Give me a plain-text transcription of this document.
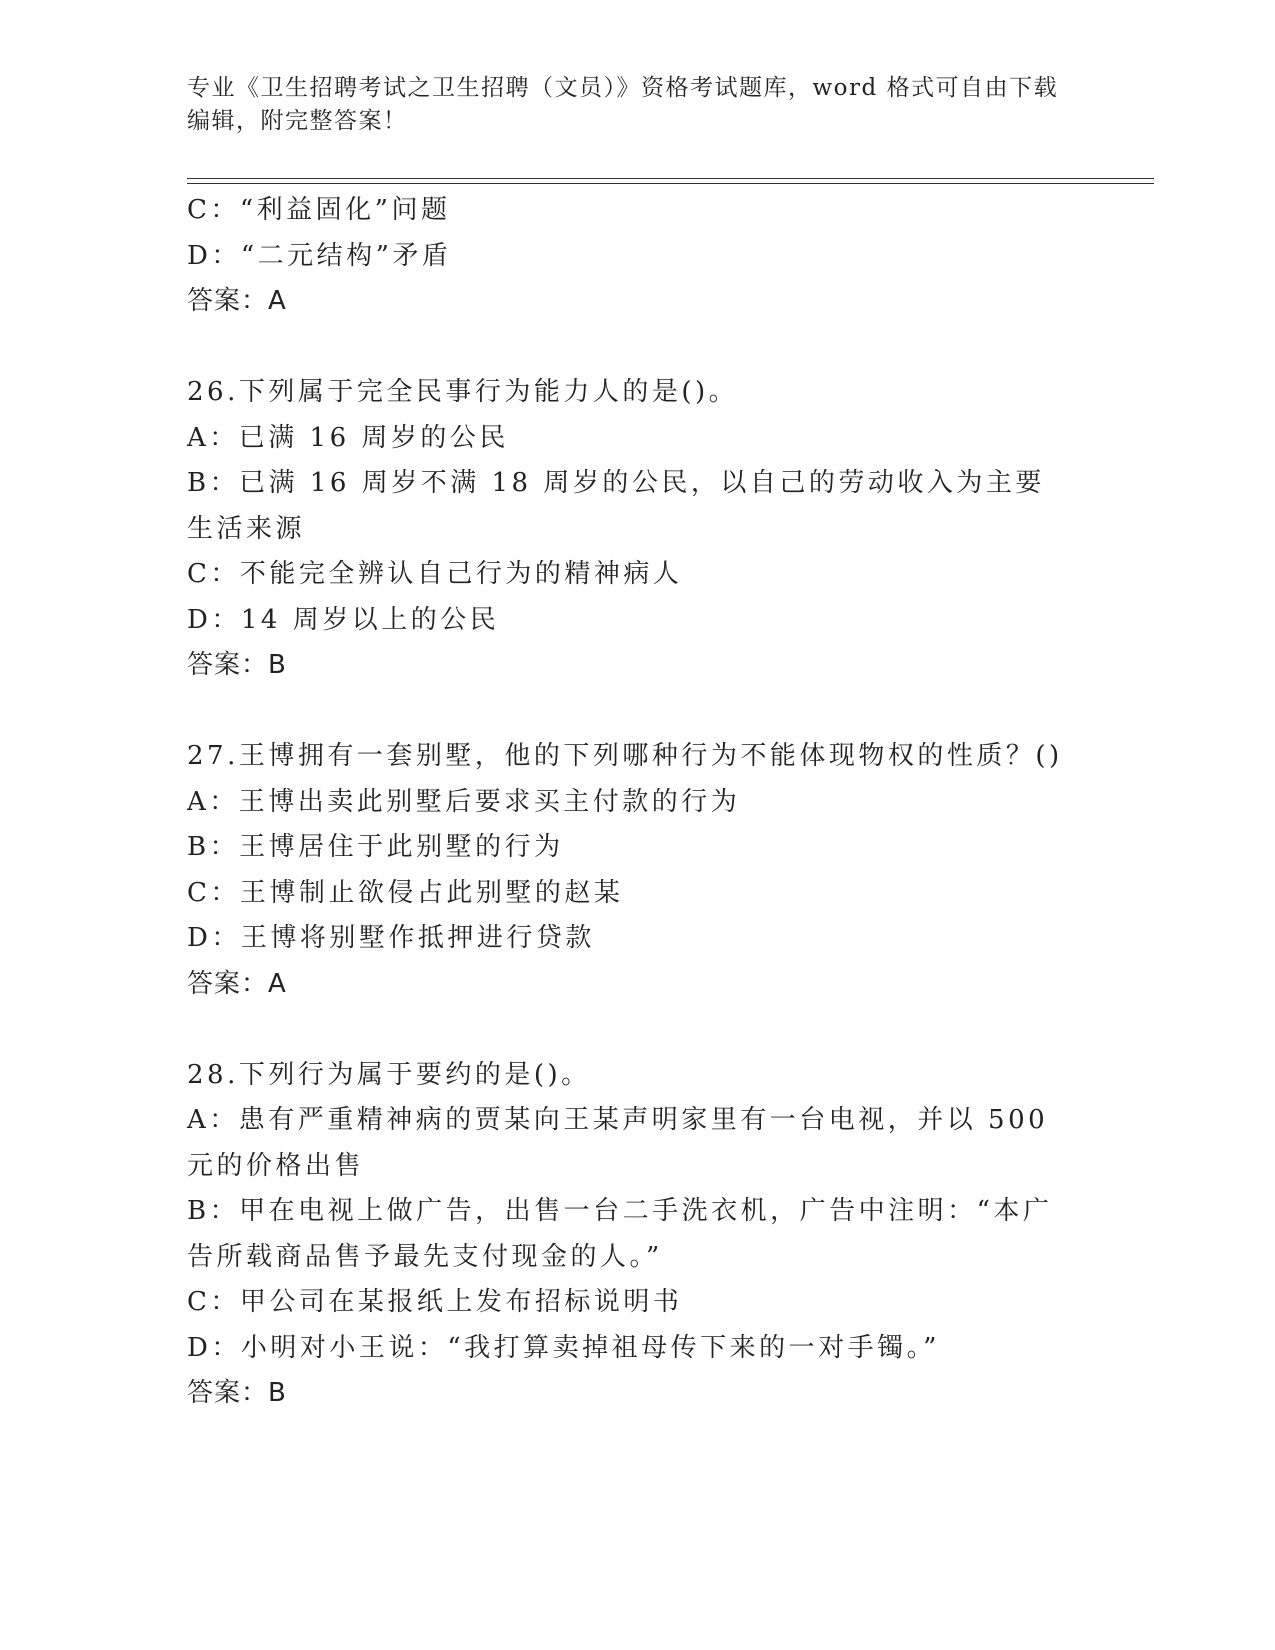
专业《卫生招聘考试之卫生招聘（文员）》资格考试题库，word 格式可自由下载编辑，附完整答案！
C：“利益固化”问题
D：“二元结构”矛盾
答案：A
26.下列属于完全民事行为能力人的是()。
A：已满 16 周岁的公民
B：已满 16 周岁不满 18 周岁的公民，以自己的劳动收入为主要生活来源
C：不能完全辨认自己行为的精神病人
D：14 周岁以上的公民
答案：B
27.王博拥有一套别墅，他的下列哪种行为不能体现物权的性质？()
A：王博出卖此别墅后要求买主付款的行为
B：王博居住于此别墅的行为
C：王博制止欲侵占此别墅的赵某
D：王博将别墅作抵押进行贷款
答案：A
28.下列行为属于要约的是()。
A：患有严重精神病的贾某向王某声明家里有一台电视，并以 500 元的价格出售
B：甲在电视上做广告，出售一台二手洗衣机，广告中注明：“本广告所载商品售予最先支付现金的人。”
C：甲公司在某报纸上发布招标说明书
D：小明对小王说：“我打算卖掉祖母传下来的一对手镯。”
答案：B
